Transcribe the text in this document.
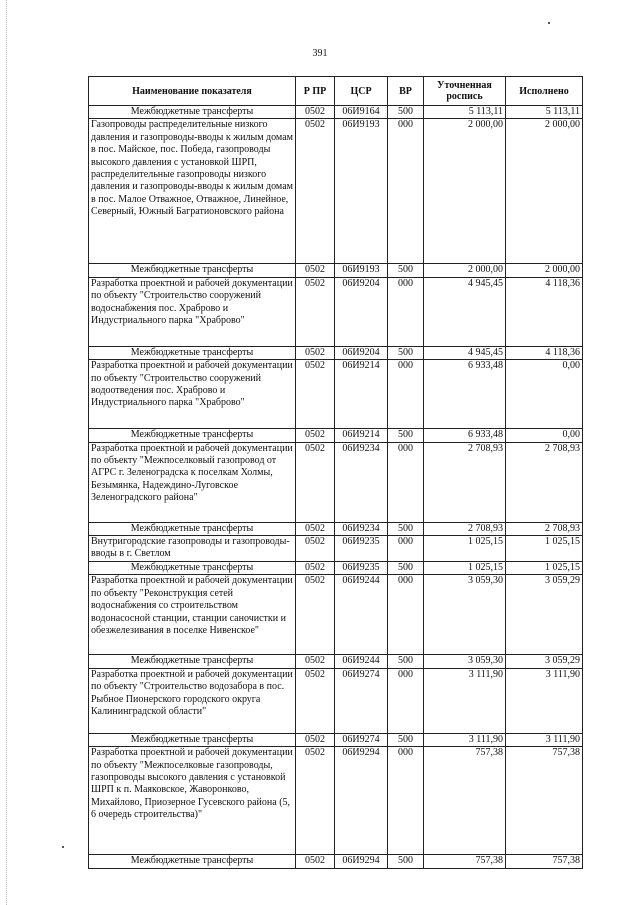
391
Наименование показателя	Р ПР	ЦСР	ВР	Уточненная роспись	Исполнено
Межбюджетные трансферты	0502	06И9164	500	5 113,11	5 113,11
Газопроводы распределительные низкого давления и газопроводы-вводы к жилым домам в пос. Майское, пос. Победа, газопроводы высокого давления с установкой ШРП, распределительные газопроводы низкого давления и газопроводы-вводы к жилым домам в пос. Малое Отважное, Отважное, Линейное, Северный, Южный Багратионовского района	0502	06И9193	000	2 000,00	2 000,00
Межбюджетные трансферты	0502	06И9193	500	2 000,00	2 000,00
Разработка проектной и рабочей документации по объекту "Строительство сооружений водоснабжения пос. Храброво и Индустриального парка "Храброво"	0502	06И9204	000	4 945,45	4 118,36
Межбюджетные трансферты	0502	06И9204	500	4 945,45	4 118,36
Разработка проектной и рабочей документации по объекту "Строительство сооружений водоотведения пос. Храброво и Индустриального парка "Храброво"	0502	06И9214	000	6 933,48	0,00
Межбюджетные трансферты	0502	06И9214	500	6 933,48	0,00
Разработка проектной и рабочей документации по объекту "Межпоселковый газопровод от АГРС г. Зеленоградска к поселкам Холмы, Безымянка, Надеждино-Луговское Зеленоградского района"	0502	06И9234	000	2 708,93	2 708,93
Межбюджетные трансферты	0502	06И9234	500	2 708,93	2 708,93
Внутригородские газопроводы и газопроводы-вводы в г. Светлом	0502	06И9235	000	1 025,15	1 025,15
Межбюджетные трансферты	0502	06И9235	500	1 025,15	1 025,15
Разработка проектной и рабочей документации по объекту "Реконструкция сетей водоснабжения со строительством водонасосной станции, станции саночистки и обезжелезивания в поселке Нивенское"	0502	06И9244	000	3 059,30	3 059,29
Межбюджетные трансферты	0502	06И9244	500	3 059,30	3 059,29
Разработка проектной и рабочей документации по объекту "Строительство водозабора в пос. Рыбное Пионерского городского округа Калининградской области"	0502	06И9274	000	3 111,90	3 111,90
Межбюджетные трансферты	0502	06И9274	500	3 111,90	3 111,90
Разработка проектной и рабочей документации по объекту "Межпоселковые газопроводы, газопроводы высокого давления с установкой ШРП к п. Маяковское, Жаворонково, Михайлово, Приозерное Гусевского района (5, 6 очередь строительства)"	0502	06И9294	000	757,38	757,38
Межбюджетные трансферты	0502	06И9294	500	757,38	757,38
